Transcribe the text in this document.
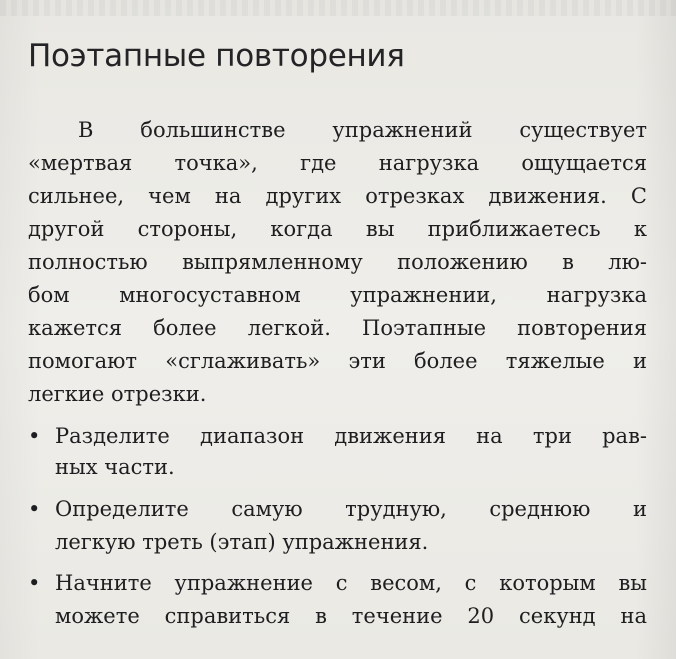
Поэтапные повторения
В большинстве упражнений существует
«мертвая точка», где нагрузка ощущается
сильнее, чем на других отрезках движения. С
другой стороны, когда вы приближаетесь к
полностью выпрямленному положению в лю-
бом многосуставном упражнении, нагрузка
кажется более легкой. Поэтапные повторения
помогают «сглаживать» эти более тяжелые и
легкие отрезки.
• Разделите диапазон движения на три рав-
ных части.
• Определите самую трудную, среднюю и
легкую треть (этап) упражнения.
• Начните упражнение с весом, с которым вы
можете справиться в течение 20 секунд на
